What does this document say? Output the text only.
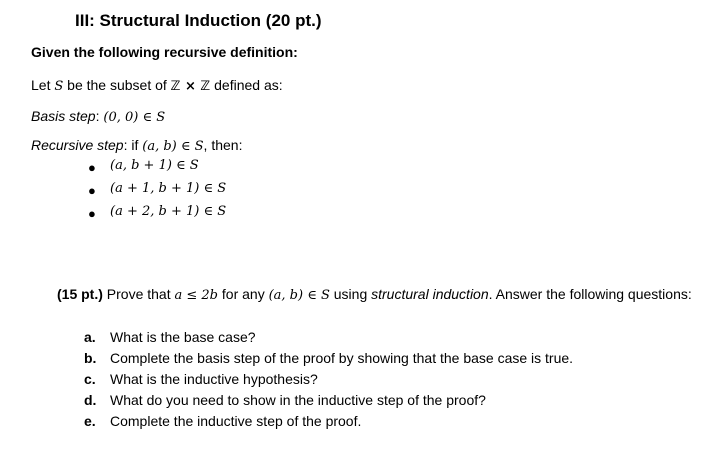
III: Structural Induction (20 pt.)
Given the following recursive definition:
Let S be the subset of ℤ × ℤ defined as:
Basis step: (0, 0) ∈ S
Recursive step: if (a, b) ∈ S, then:
● (a, b + 1) ∈ S
● (a + 1, b + 1) ∈ S
● (a + 2, b + 1) ∈ S
(15 pt.) Prove that a ≤ 2b for any (a, b) ∈ S using structural induction. Answer the following questions:
a. What is the base case?
b. Complete the basis step of the proof by showing that the base case is true.
c. What is the inductive hypothesis?
d. What do you need to show in the inductive step of the proof?
e. Complete the inductive step of the proof.
